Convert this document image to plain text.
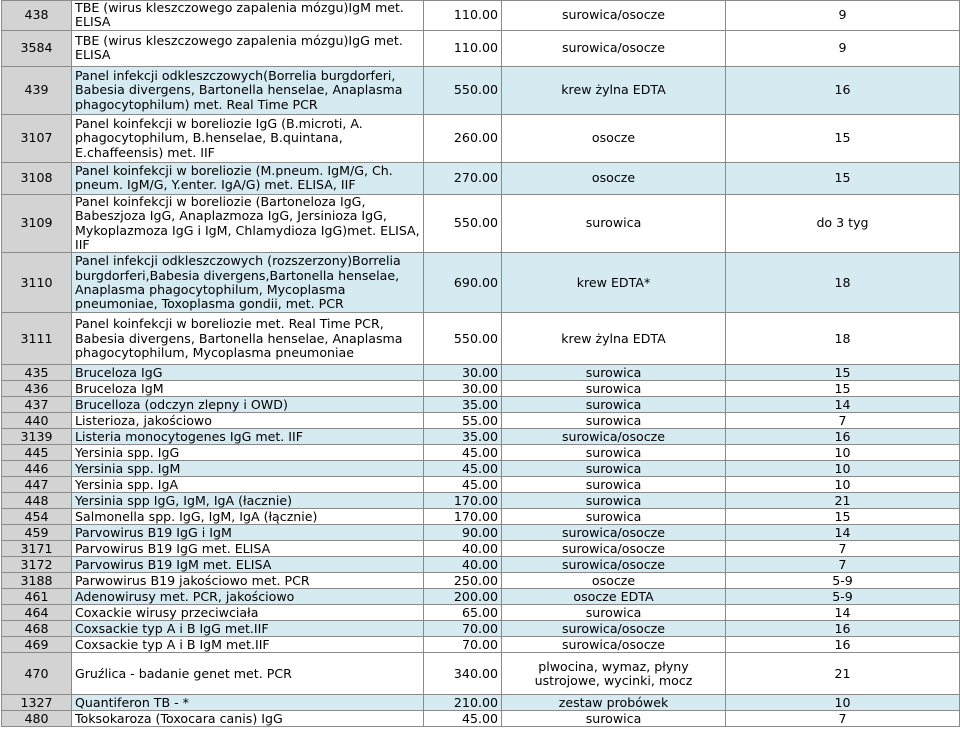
438	TBE (wirus kleszczowego zapalenia mózgu)IgM met. ELISA	110.00	surowica/osocze	9
3584	TBE (wirus kleszczowego zapalenia mózgu)IgG met. ELISA	110.00	surowica/osocze	9
439	Panel infekcji odkleszczowych(Borrelia burgdorferi, Babesia divergens, Bartonella henselae, Anaplasma phagocytophilum) met. Real Time PCR	550.00	krew żylna EDTA	16
3107	Panel koinfekcji w boreliozie IgG (B.microti, A. phagocytophilum, B.henselae, B.quintana, E.chaffeensis) met. IIF	260.00	osocze	15
3108	Panel koinfekcji w boreliozie (M.pneum. IgM/G, Ch. pneum. IgM/G, Y.enter. IgA/G) met. ELISA, IIF	270.00	osocze	15
3109	Panel koinfekcji w boreliozie (Bartoneloza IgG, Babeszjoza IgG, Anaplazmoza IgG, Jersinioza IgG, Mykoplazmoza IgG i IgM, Chlamydioza IgG)met. ELISA, IIF	550.00	surowica	do 3 tyg
3110	Panel infekcji odkleszczowych (rozszerzony)Borrelia burgdorferi,Babesia divergens,Bartonella henselae, Anaplasma phagocytophilum, Mycoplasma pneumoniae, Toxoplasma gondii, met. PCR	690.00	krew EDTA*	18
3111	Panel koinfekcji w boreliozie met. Real Time PCR, Babesia divergens, Bartonella henselae, Anaplasma phagocytophilum, Mycoplasma pneumoniae	550.00	krew żylna EDTA	18
435	Bruceloza IgG	30.00	surowica	15
436	Bruceloza IgM	30.00	surowica	15
437	Brucelloza (odczyn zlepny i OWD)	35.00	surowica	14
440	Listerioza, jakościowo	55.00	surowica	7
3139	Listeria monocytogenes IgG met. IIF	35.00	surowica/osocze	16
445	Yersinia spp. IgG	45.00	surowica	10
446	Yersinia spp. IgM	45.00	surowica	10
447	Yersinia spp. IgA	45.00	surowica	10
448	Yersinia spp IgG, IgM, IgA (łacznie)	170.00	surowica	21
454	Salmonella spp. IgG, IgM, IgA (łącznie)	170.00	surowica	15
459	Parvowirus B19 IgG i IgM	90.00	surowica/osocze	14
3171	Parvowirus B19 IgG met. ELISA	40.00	surowica/osocze	7
3172	Parvowirus B19 IgM met. ELISA	40.00	surowica/osocze	7
3188	Parwowirus B19 jakościowo met. PCR	250.00	osocze	5-9
461	Adenowirusy met. PCR, jakościowo	200.00	osocze EDTA	5-9
464	Coxackie wirusy przeciwciała	65.00	surowica	14
468	Coxsackie typ A i B IgG met.IIF	70.00	surowica/osocze	16
469	Coxsackie typ A i B IgM met.IIF	70.00	surowica/osocze	16
470	Gruźlica - badanie genet met. PCR	340.00	plwocina, wymaz, płyny ustrojowe, wycinki, mocz	21
1327	Quantiferon TB - *	210.00	zestaw probówek	10
480	Toksokaroza (Toxocara canis) IgG	45.00	surowica	7
